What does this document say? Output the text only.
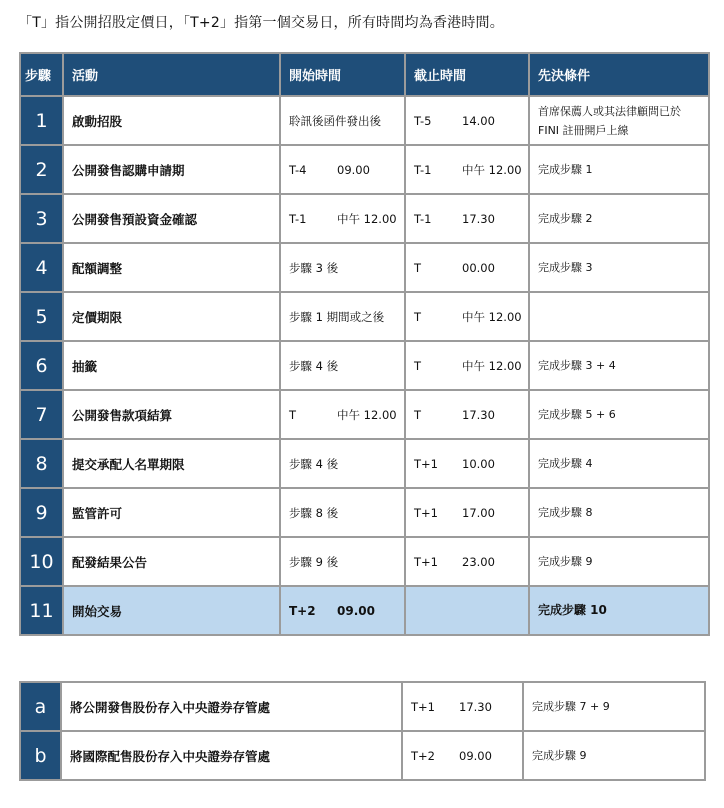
「T」指公開招股定價日，「T+2」指第一個交易日，所有時間均為香港時間。
步驟	活動	開始時間	截止時間	先決條件
1	啟動招股	聆訊後函件發出後	T-5 14.00	首席保薦人或其法律顧問已於
FINI 註冊開戶上線

2	公開發售認購申請期	T-4 09.00	T-1 中午 12.00	完成步驟 1

3	公開發售預設資金確認	T-1 中午 12.00	T-1 17.30	完成步驟 2

4	配額調整	步驟 3 後	T 00.00	完成步驟 3

5	定價期限	步驟 1 期間或之後	T 中午 12.00	

6	抽籤	步驟 4 後	T 中午 12.00	完成步驟 3 + 4

7	公開發售款項結算	T 中午 12.00	T 17.30	完成步驟 5 + 6

8	提交承配人名單期限	步驟 4 後	T+1 10.00	完成步驟 4

9	監管許可	步驟 8 後	T+1 17.00	完成步驟 8

10	配發結果公告	步驟 9 後	T+1 23.00	完成步驟 9

11	開始交易	T+2 09.00		完成步驟 10
a	將公開發售股份存入中央證券存管處	T+1 17.30	完成步驟 7 + 9
b	將國際配售股份存入中央證券存管處	T+2 09.00	完成步驟 9
